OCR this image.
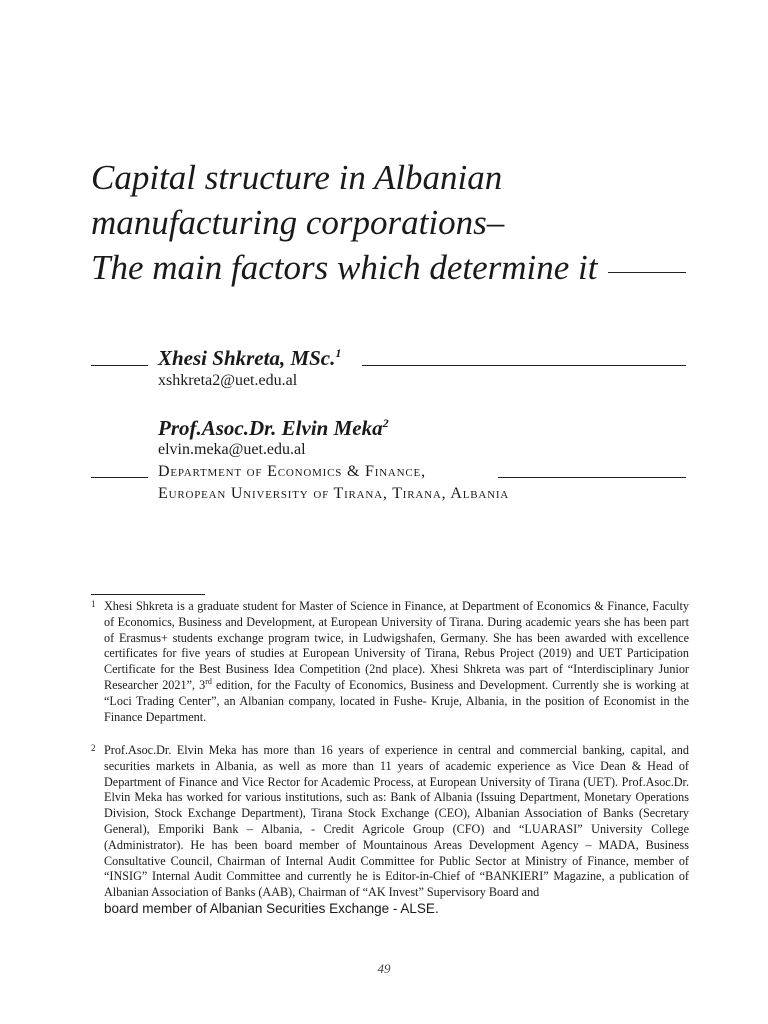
Capital structure in Albanian
manufacturing corporations–
The main factors which determine it
Xhesi Shkreta, MSc.$^1$
xshkreta2@uet.edu.al
Prof.Asoc.Dr. Elvin Meka$^2$
elvin.meka@uet.edu.al
Department of Economics & Finance,
European University of Tirana, Tirana, Albania
1 Xhesi Shkreta is a graduate student for Master of Science in Finance, at Department of Economics & Finance, Faculty of Economics, Business and Development, at European University of Tirana. During academic years she has been part of Erasmus+ students exchange program twice, in Ludwigshafen, Germany. She has been awarded with excellence certificates for five years of studies at European University of Tirana, Rebus Project (2019) and UET Participation Certificate for the Best Business Idea Competition (2nd place). Xhesi Shkreta was part of “Interdisciplinary Junior Researcher 2021”, 3rd edition, for the Faculty of Economics, Business and Development. Currently she is working at “Loci Trading Center”, an Albanian company, located in Fushe- Kruje, Albania, in the position of Economist in the Finance Department.
2 Prof.Asoc.Dr. Elvin Meka has more than 16 years of experience in central and commercial banking, capital, and securities markets in Albania, as well as more than 11 years of academic experience as Vice Dean & Head of Department of Finance and Vice Rector for Academic Process, at European University of Tirana (UET). Prof.Asoc.Dr. Elvin Meka has worked for various institutions, such as: Bank of Albania (Issuing Department, Monetary Operations Division, Stock Exchange Department), Tirana Stock Exchange (CEO), Albanian Association of Banks (Secretary General), Emporiki Bank – Albania, - Credit Agricole Group (CFO) and “LUARASI” University College (Administrator). He has been board member of Mountainous Areas Development Agency – MADA, Business Consultative Council, Chairman of Internal Audit Committee for Public Sector at Ministry of Finance, member of “INSIG” Internal Audit Committee and currently he is Editor-in-Chief of “BANKIERI” Magazine, a publication of Albanian Association of Banks (AAB), Chairman of “AK Invest” Supervisory Board and
board member of Albanian Securities Exchange - ALSE.
49
